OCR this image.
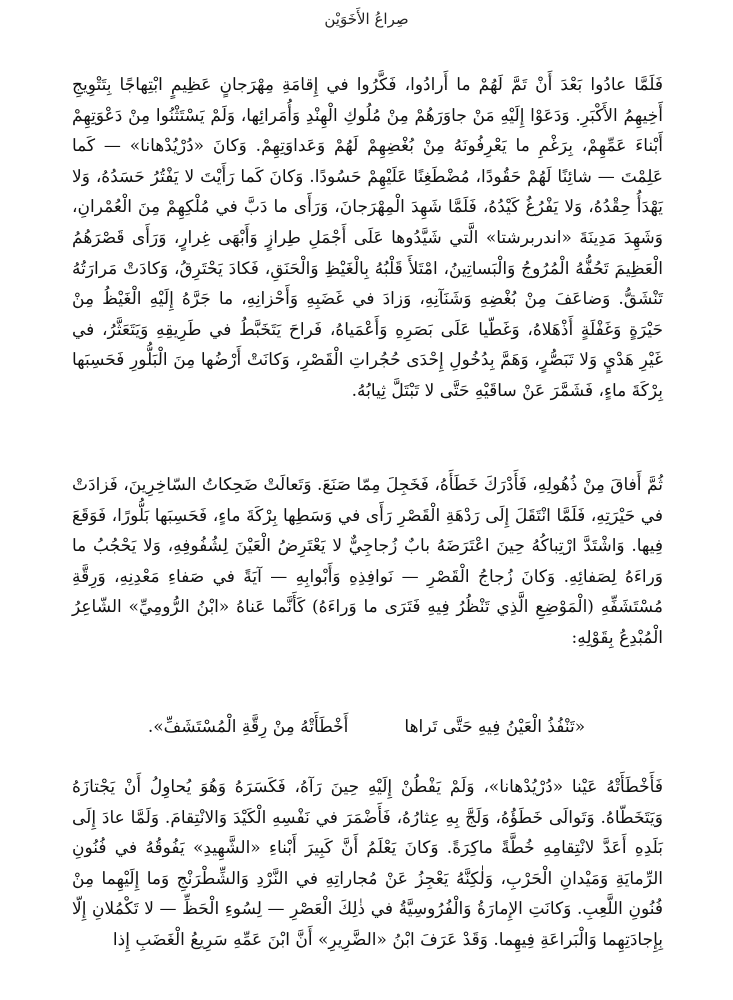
صِراعُ الأَخَوَيْن

فَلَمَّا عادُوا بَعْدَ أَنْ تَمَّ لَهُمْ ما أَرادُوا، فَكَّرُوا في إِقامَةِ مِهْرَجانٍ عَظِيمٍ ابْتِهاجًا بِتَتْوِيجِ أَخِيهِمُ الأَكْبَرِ. وَدَعَوْا إِلَيْهِ مَنْ جاوَرَهُمْ مِنْ مُلُوكِ الْهِنْدِ وَأُمَرائِها، وَلَمْ يَسْتَثْنُوا مِنْ دَعْوَتِهِمْ أَبْناءَ عَمِّهِمْ، بِرَغْمِ ما يَعْرِفُونَهُ مِنْ بُغْضِهِمْ لَهُمْ وَعَداوَتِهِمْ. وَكانَ «دُرْيُدْهانا» — كَما عَلِمْتَ — شائِنًا لَهُمْ حَقُودًا، مُضْطَغِنًا عَلَيْهِمْ حَسُودًا. وَكانَ كَما رَأَيْتَ لا يَفْتُرُ حَسَدُهُ، وَلا يَهْدَأُ حِقْدُهُ، وَلا يَفْرُغُ كَيْدُهُ، فَلَمَّا شَهِدَ الْمِهْرَجانَ، وَرَأَى ما دَبَّ في مُلْكِهِمْ مِنَ الْعُمْرانِ، وَشَهِدَ مَدِينَةَ «اندربرشتا» الَّتي شَيَّدُوها عَلَى أَجْمَلِ طِرازٍ وَأَبْهَى غِرارٍ، وَرَأَى قَصْرَهُمُ الْعَظِيمَ تَحُفُّهُ الْمُرُوجُ وَالْبَساتِينُ، امْتَلأَ قَلْبُهُ بِالْغَيْظِ وَالْحَنَقِ، فَكادَ يَحْتَرِقُ، وَكادَتْ مَرارَتُهُ تَنْشَقُّ. وَضاعَفَ مِنْ بُغْضِهِ وَشَنَآنِهِ، وَزادَ في غَضَبِهِ وَأَحْزانِهِ، ما جَرَّهُ إِلَيْهِ الْغَيْظُ مِنْ حَيْرَةٍ وَغَفْلَةٍ أَذْهَلاهُ، وَغَطّيا عَلَى بَصَرِهِ وَأَعْمَياهُ، فَراحَ يَتَخَبَّطُ في طَرِيقِهِ وَيَتَعَثَّرُ، في غَيْرِ هَدْيٍ وَلا تَبَصُّرٍ، وَهَمَّ بِدُخُولِ إِحْدَى حُجُراتِ الْقَصْرِ، وَكانَتْ أَرْضُها مِنَ الْبَلُّورِ فَحَسِبَها بِرْكَةَ ماءٍ، فَشَمَّرَ عَنْ ساقَيْهِ حَتَّى لا تَبْتَلَّ ثِيابُهُ.

ثُمَّ أَفاقَ مِنْ ذُهُولِهِ، فَأَدْرَكَ خَطَأَهُ، فَخَجِلَ مِمّا صَنَعَ. وَتَعالَتْ ضَحِكاتُ السّاخِرِينَ، فَزادَتْ في حَيْرَتِهِ، فَلَمَّا انْتَقَلَ إِلَى رَدْهَةِ الْقَصْرِ رَأَى في وَسَطِها بِرْكَةَ ماءٍ، فَحَسِبَها بَلُّورًا، فَوَقَعَ فِيها. وَاشْتَدَّ ارْتِباكُهُ حِينَ اعْتَرَضَهُ بابٌ زُجاجِيٌّ لا يَعْتَرِضُ الْعَيْنَ لِشُفُوفِهِ، وَلا يَحْجُبُ ما وَراءَهُ لِصَفائِهِ. وَكانَ زُجاجُ الْقَصْرِ — نَوافِذِهِ وَأَبْوابِهِ — آيَةً في صَفاءِ مَعْدِنِهِ، وَرِقَّةِ مُسْتَشَفِّهِ (الْمَوْضِعِ الَّذِي تَنْظُرُ فِيهِ فَتَرَى ما وَراءَهُ) كَأَنَّما عَناهُ «ابْنُ الرُّومِيِّ» الشّاعِرُ الْمُبْدِعُ بِقَوْلِهِ:

«تَنْفُذُ الْعَيْنُ فِيهِ حَتَّى تَراها
أَخْطَأَتْهُ مِنْ رِقَّةِ الْمُسْتَشَفِّ».

فَأَخْطَأَتْهُ عَيْنا «دُرْيُدْهانا»، وَلَمْ يَفْطُنْ إِلَيْهِ حِينَ رَآهُ، فَكَسَرَهُ وَهُوَ يُحاوِلُ أَنْ يَجْتازَهُ وَيَتَخَطّاهُ. وَتَوالَى خَطَؤُهُ، وَلَجَّ بِهِ عِثارُهُ، فَأَضْمَرَ في نَفْسِهِ الْكَيْدَ وَالانْتِقامَ. وَلَمَّا عادَ إِلَى بَلَدِهِ أَعَدَّ لانْتِقامِهِ خُطَّةً ماكِرَةً. وَكانَ يَعْلَمُ أَنَّ كَبِيرَ أَبْناءِ «الشَّهِيدِ» يَفُوقُهُ في فُنُونِ الرِّمايَةِ وَمَيْدانِ الْحَرْبِ، وَلٰكِنَّهُ يَعْجِزُ عَنْ مُجاراتِهِ في النَّرْدِ وَالشِّطْرَنْجِ وَما إِلَيْهِما مِنْ فُنُونِ اللَّعِبِ. وَكانَتِ الإِمارَةُ وَالْفُرُوسِيَّةُ في ذٰلِكَ الْعَصْرِ — لِسُوءِ الْحَظِّ — لا تَكْمُلانِ إِلّا بِإِجادَتِهِما وَالْبَراعَةِ فِيهِما. وَقَدْ عَرَفَ ابْنُ «الضَّرِيرِ» أَنَّ ابْنَ عَمِّهِ سَرِيعُ الْغَضَبِ إِذا
